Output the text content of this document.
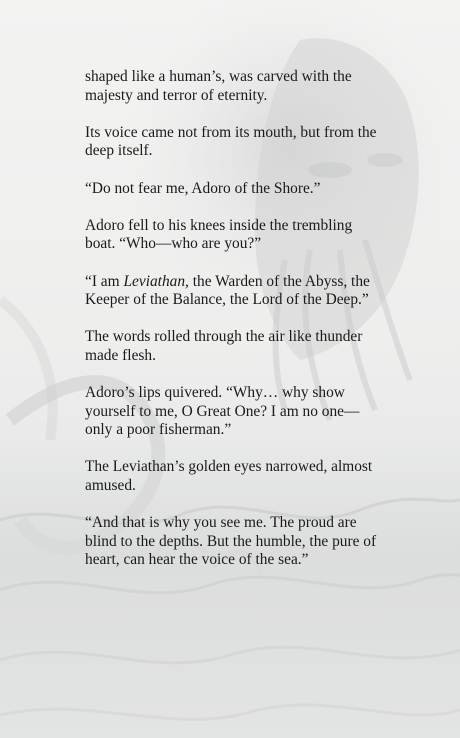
shaped like a human’s, was carved with the majesty and terror of eternity.

Its voice came not from its mouth, but from the deep itself.

“Do not fear me, Adoro of the Shore.”

Adoro fell to his knees inside the trembling boat. “Who—who are you?”

“I am Leviathan, the Warden of the Abyss, the Keeper of the Balance, the Lord of the Deep.”

The words rolled through the air like thunder made flesh.

Adoro’s lips quivered. “Why… why show yourself to me, O Great One? I am no one—only a poor fisherman.”

The Leviathan’s golden eyes narrowed, almost amused.

“And that is why you see me. The proud are blind to the depths. But the humble, the pure of heart, can hear the voice of the sea.”
